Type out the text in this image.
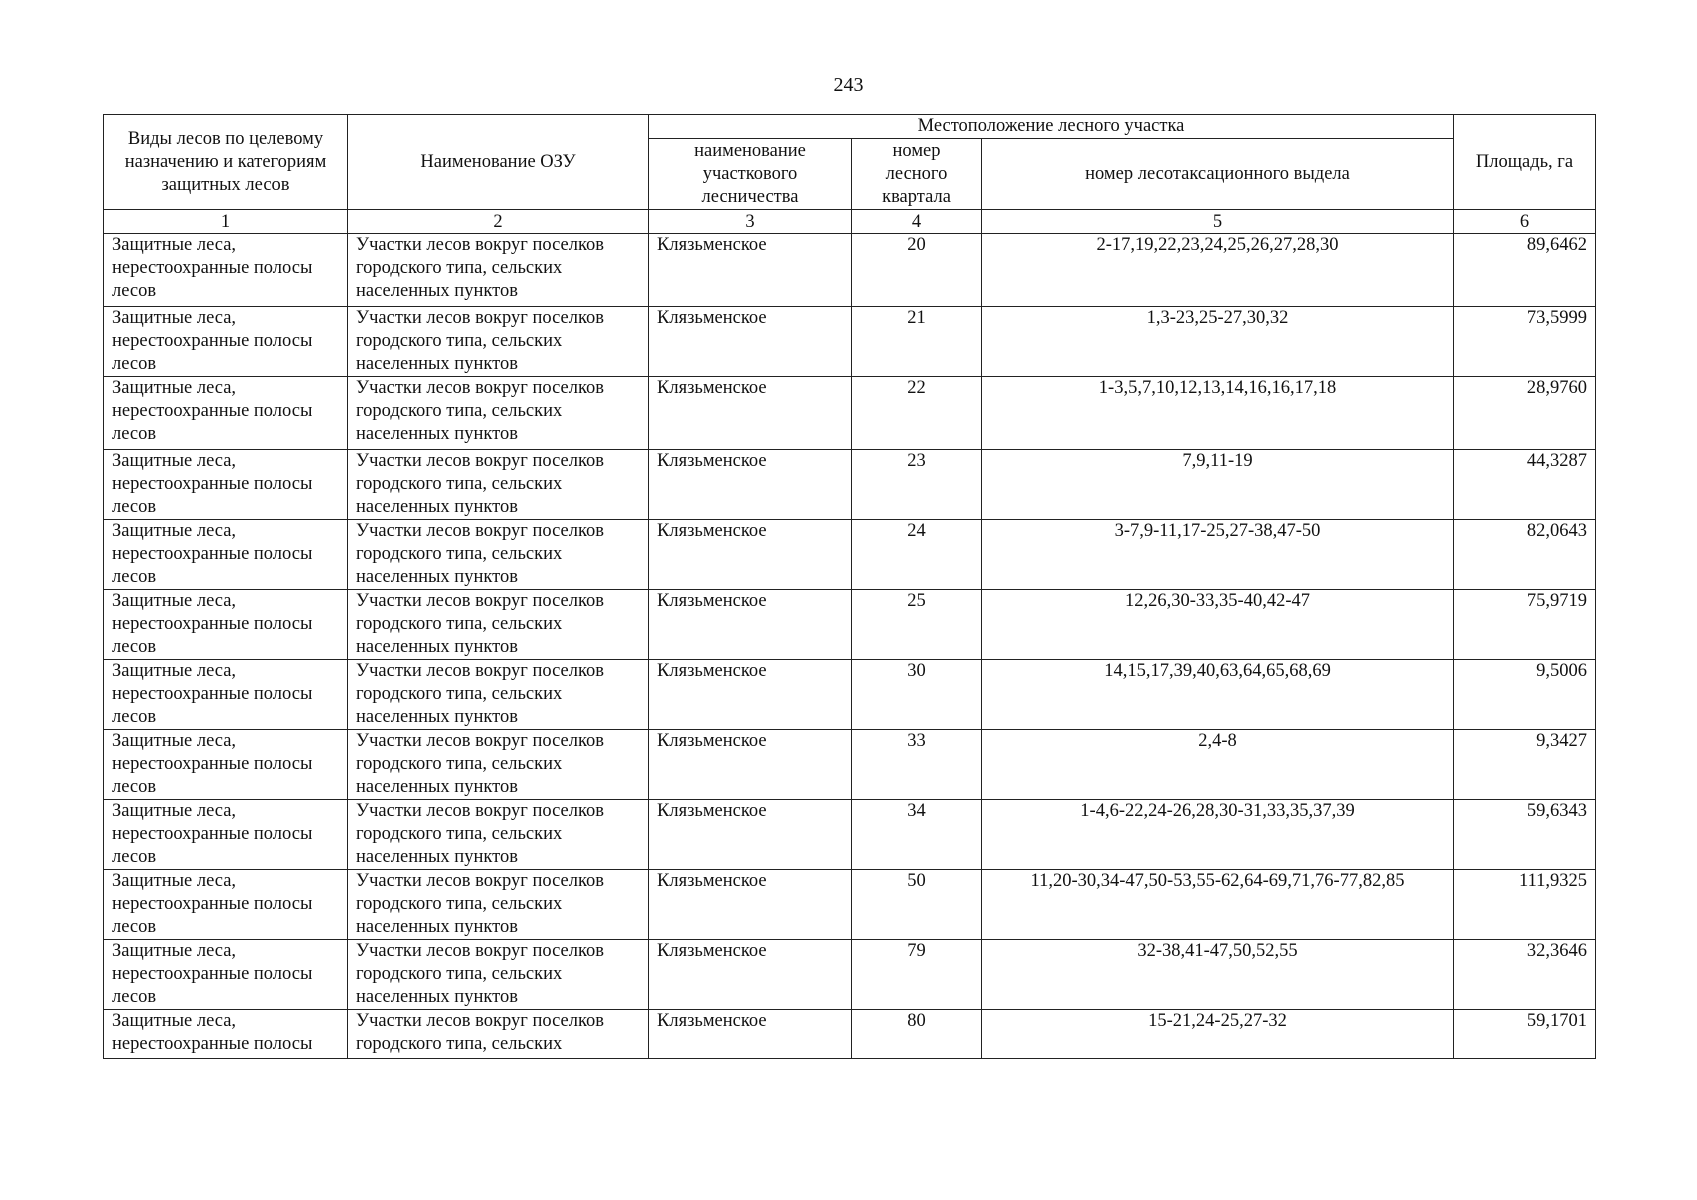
243
Виды лесов по целевому назначению и категориям защитных лесов	Наименование ОЗУ	Местоположение лесного участка			Площадь, га
		наименование участкового лесничества	номер лесного квартала	номер лесотаксационного выдела	
1	2	3	4	5	6
Защитные леса, нерестоохранные полосы лесов	Участки лесов вокруг поселков городского типа, сельских населенных пунктов	Клязьменское	20	2-17,19,22,23,24,25,26,27,28,30	89,6462
Защитные леса, нерестоохранные полосы лесов	Участки лесов вокруг поселков городского типа, сельских населенных пунктов	Клязьменское	21	1,3-23,25-27,30,32	73,5999
Защитные леса, нерестоохранные полосы лесов	Участки лесов вокруг поселков городского типа, сельских населенных пунктов	Клязьменское	22	1-3,5,7,10,12,13,14,16,16,17,18	28,9760
Защитные леса, нерестоохранные полосы лесов	Участки лесов вокруг поселков городского типа, сельских населенных пунктов	Клязьменское	23	7,9,11-19	44,3287
Защитные леса, нерестоохранные полосы лесов	Участки лесов вокруг поселков городского типа, сельских населенных пунктов	Клязьменское	24	3-7,9-11,17-25,27-38,47-50	82,0643
Защитные леса, нерестоохранные полосы лесов	Участки лесов вокруг поселков городского типа, сельских населенных пунктов	Клязьменское	25	12,26,30-33,35-40,42-47	75,9719
Защитные леса, нерестоохранные полосы лесов	Участки лесов вокруг поселков городского типа, сельских населенных пунктов	Клязьменское	30	14,15,17,39,40,63,64,65,68,69	9,5006
Защитные леса, нерестоохранные полосы лесов	Участки лесов вокруг поселков городского типа, сельских населенных пунктов	Клязьменское	33	2,4-8	9,3427
Защитные леса, нерестоохранные полосы лесов	Участки лесов вокруг поселков городского типа, сельских населенных пунктов	Клязьменское	34	1-4,6-22,24-26,28,30-31,33,35,37,39	59,6343
Защитные леса, нерестоохранные полосы лесов	Участки лесов вокруг поселков городского типа, сельских населенных пунктов	Клязьменское	50	11,20-30,34-47,50-53,55-62,64-69,71,76-77,82,85	111,9325
Защитные леса, нерестоохранные полосы лесов	Участки лесов вокруг поселков городского типа, сельских населенных пунктов	Клязьменское	79	32-38,41-47,50,52,55	32,3646
Защитные леса, нерестоохранные полосы	Участки лесов вокруг поселков городского типа, сельских	Клязьменское	80	15-21,24-25,27-32	59,1701
